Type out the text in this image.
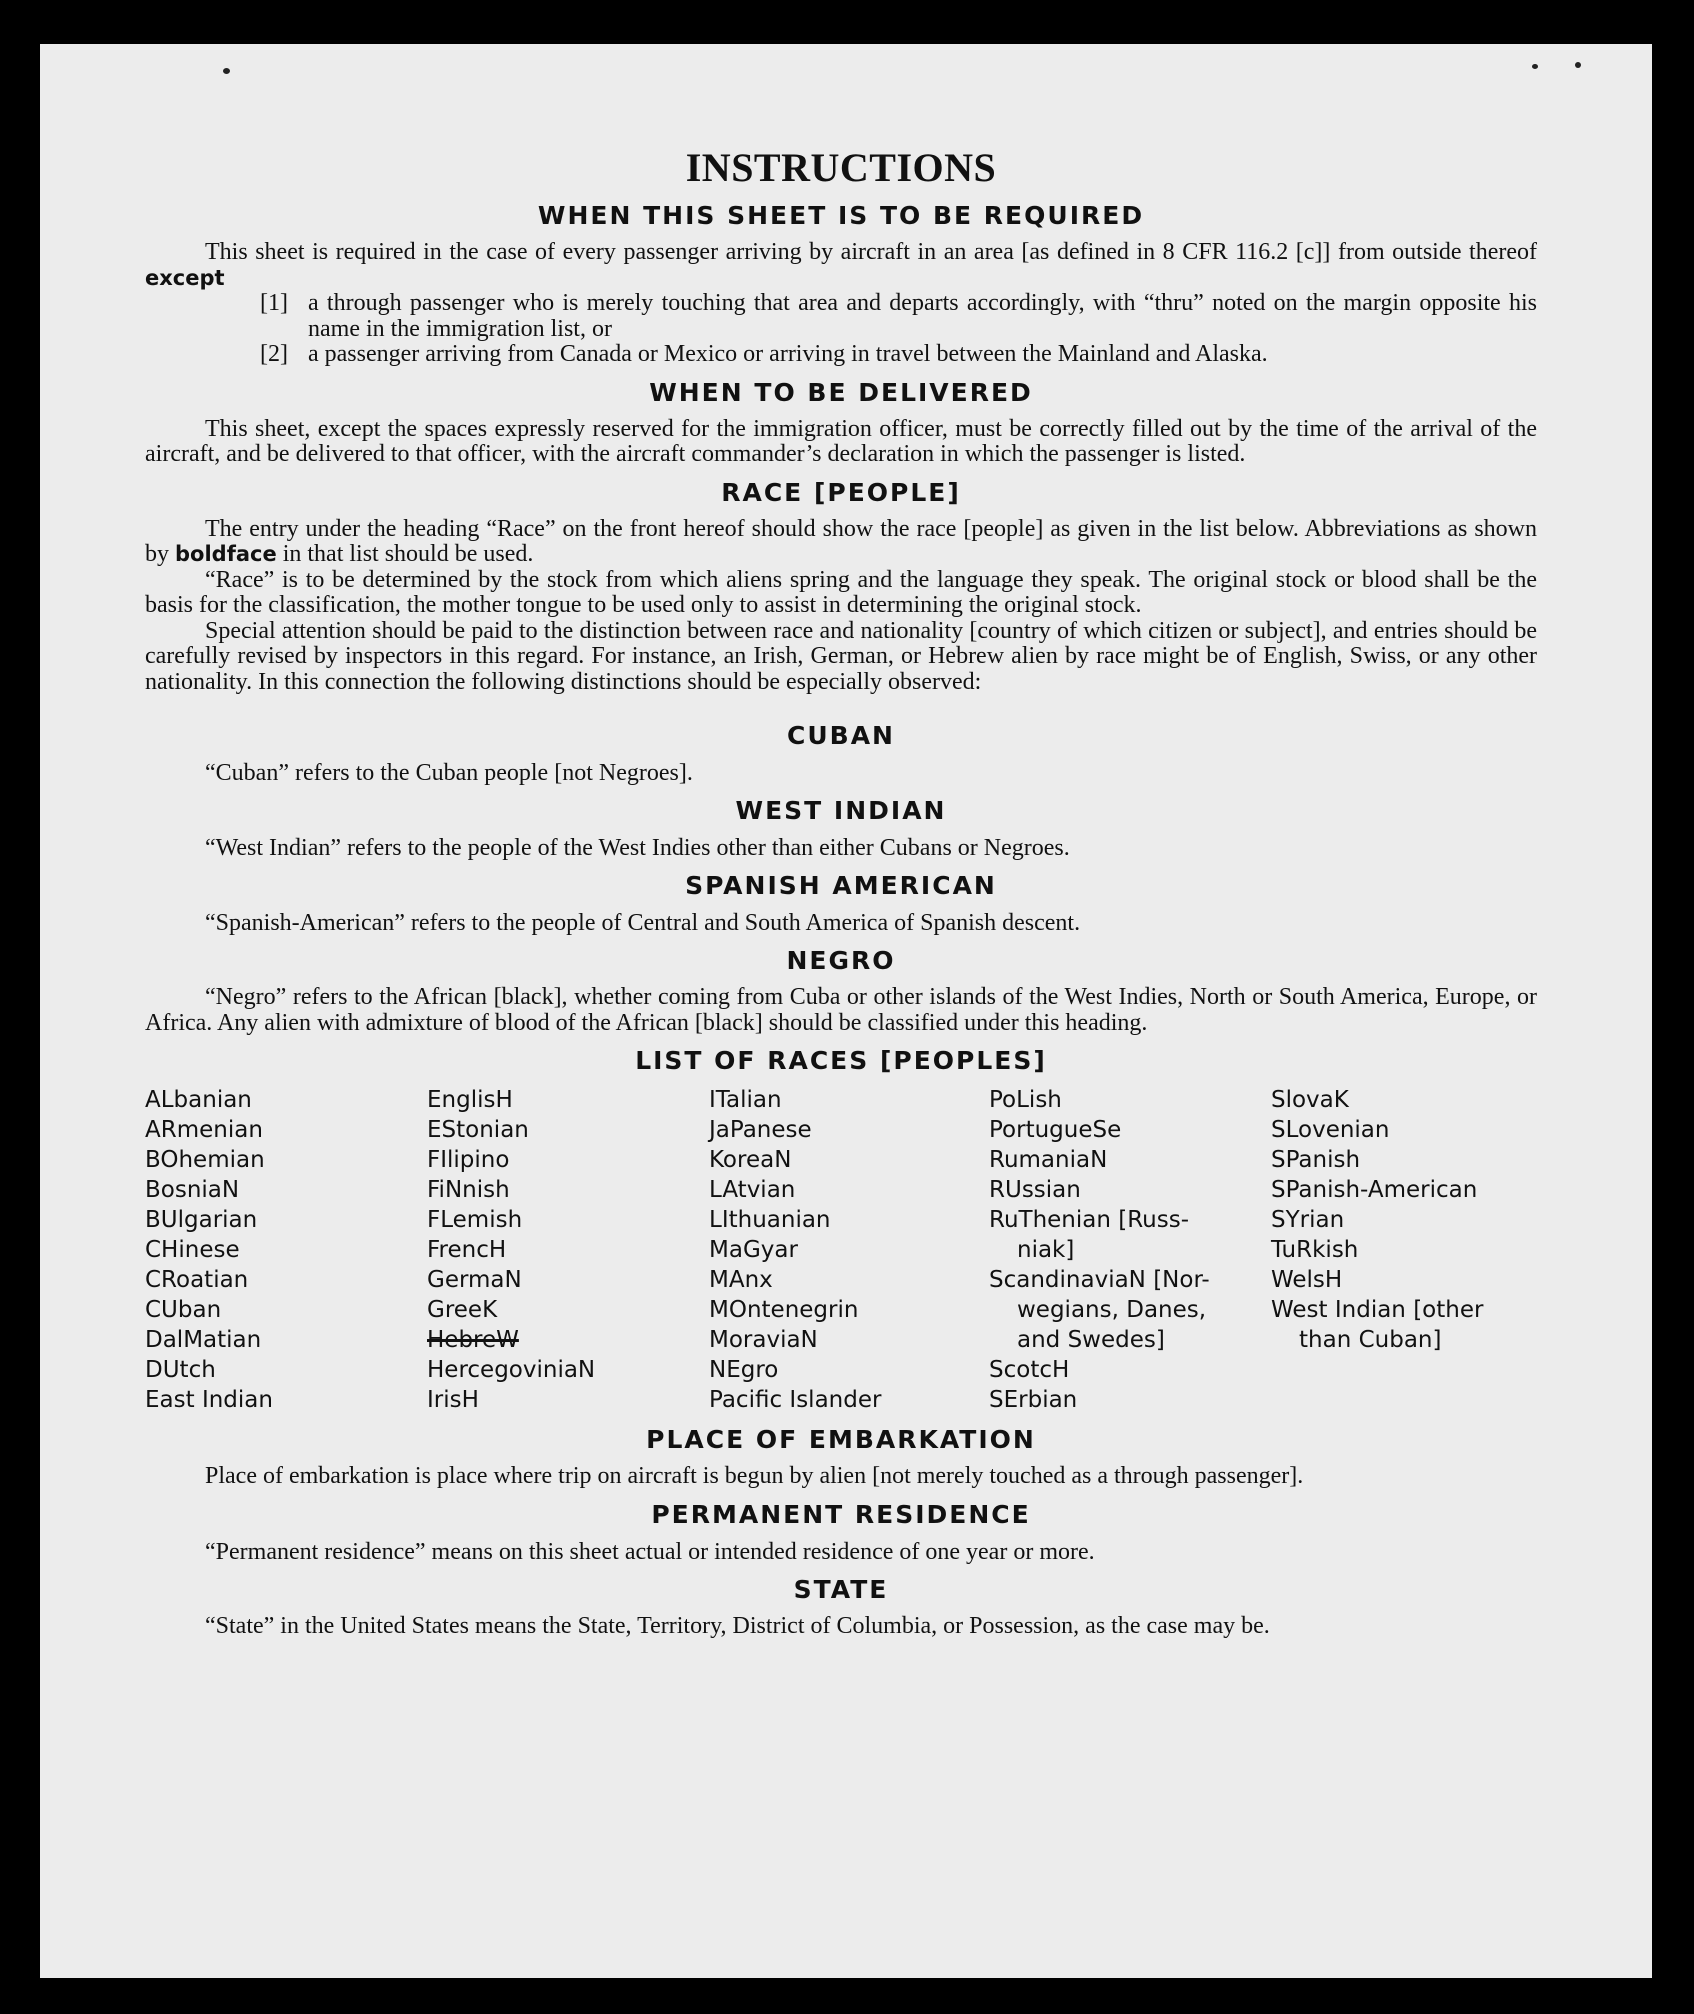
INSTRUCTIONS
WHEN THIS SHEET IS TO BE REQUIRED

This sheet is required in the case of every passenger arriving by aircraft in an area [as defined in 8 CFR 116.2 [c]] from outside thereof except

[1] a through passenger who is merely touching that area and departs accordingly, with “thru” noted on the margin opposite his name in the immigration list, or
[2] a passenger arriving from Canada or Mexico or arriving in travel between the Mainland and Alaska.
WHEN TO BE DELIVERED

This sheet, except the spaces expressly reserved for the immigration officer, must be correctly filled out by the time of the arrival of the aircraft, and be delivered to that officer, with the aircraft commander’s declaration in which the passenger is listed.

RACE [PEOPLE]

The entry under the heading “Race” on the front hereof should show the race [people] as given in the list below. Abbreviations as shown by boldface in that list should be used.

“Race” is to be determined by the stock from which aliens spring and the language they speak. The original stock or blood shall be the basis for the classification, the mother tongue to be used only to assist in determining the original stock.

Special attention should be paid to the distinction between race and nationality [country of which citizen or subject], and entries should be carefully revised by inspectors in this regard. For instance, an Irish, German, or Hebrew alien by race might be of English, Swiss, or any other nationality. In this connection the following distinctions should be especially observed:

CUBAN
“Cuban” refers to the Cuban people [not Negroes].
WEST INDIAN
“West Indian” refers to the people of the West Indies other than either Cubans or Negroes.
SPANISH AMERICAN
“Spanish-American” refers to the people of Central and South America of Spanish descent.
NEGRO

“Negro” refers to the African [black], whether coming from Cuba or other islands of the West Indies, North or South America, Europe, or Africa. Any alien with admixture of blood of the African [black] should be classified under this heading.

LIST OF RACES [PEOPLES]
ALbanian
ARmenian
BOhemian
BosniaN
BUlgarian
CHinese
CRoatian
CUban
DalMatian
DUtch
East Indian
EnglisH
EStonian
FIlipino
FiNnish
FLemish
FrencH
GermaN
GreeK
HebreW
HercegoviniaN
IrisH
ITalian
JaPanese
KoreaN
LAtvian
LIthuanian
MaGyar
MAnx
MOntenegrin
MoraviaN
NEgro
Pacific Islander
PoLish
PortugueSe
RumaniaN
RUssian
RuThenian [Russ-
niak]
ScandinaviaN [Nor-
wegians, Danes,
and Swedes]
ScotcH
SErbian
SlovaK
SLovenian
SPanish
SPanish-American
SYrian
TuRkish
WelsH
West Indian [other
than Cuban]
PLACE OF EMBARKATION

Place of embarkation is place where trip on aircraft is begun by alien [not merely touched as a through passenger].

PERMANENT RESIDENCE
“Permanent residence” means on this sheet actual or intended residence of one year or more.
STATE

“State” in the United States means the State, Territory, District of Columbia, or Possession, as the case may be.
